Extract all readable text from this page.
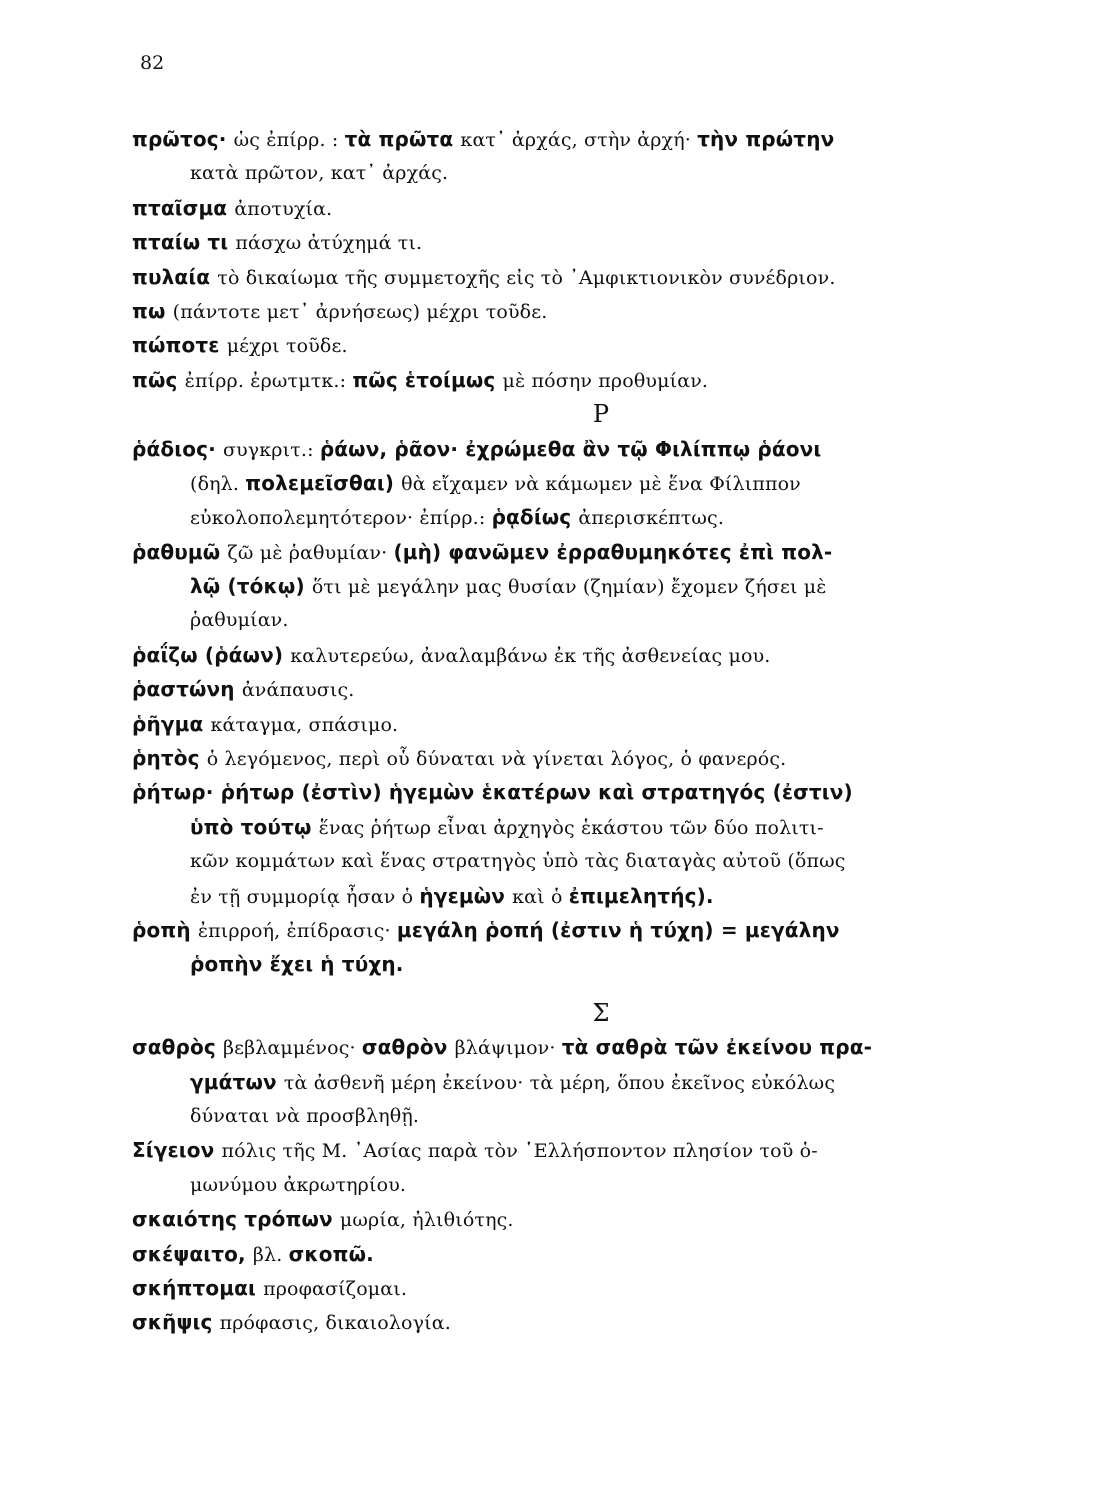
82
πρῶτος· ὡς ἐπίρρ. : τὰ πρῶτα κατ᾽ ἀρχάς, στὴν ἀρχή· τὴν πρώτην
κατὰ πρῶτον, κατ᾽ ἀρχάς.
πταῖσμα ἀποτυχία.
πταίω τι πάσχω ἀτύχημά τι.
πυλαία τὸ δικαίωμα τῆς συμμετοχῆς εἰς τὸ ᾽Αμφικτιονικὸν συνέδριον.
πω (πάντοτε μετ᾽ ἀρνήσεως) μέχρι τοῦδε.
πώποτε μέχρι τοῦδε.
πῶς ἐπίρρ. ἐρωτμτκ.: πῶς ἑτοίμως μὲ πόσην προθυμίαν.
Ρ
ῥάδιος· συγκριτ.: ῥάων, ῥᾶον· ἐχρώμεθα ἂν τῷ Φιλίππῳ ῥάονι
(δηλ. πολεμεῖσθαι) θὰ εἴχαμεν νὰ κάμωμεν μὲ ἕνα Φίλιππον
εὐκολοπολεμητότερον· ἐπίρρ.: ῥᾳδίως ἀπερισκέπτως.
ῥαθυμῶ ζῶ μὲ ῥαθυμίαν· (μὴ) φανῶμεν ἐρραθυμηκότες ἐπὶ πολ-
λῷ (τόκῳ) ὅτι μὲ μεγάλην μας θυσίαν (ζημίαν) ἔχομεν ζήσει μὲ
ῥαθυμίαν.
ῥαΐζω (ῥάων) καλυτερεύω, ἀναλαμβάνω ἐκ τῆς ἀσθενείας μου.
ῥαστώνη ἀνάπαυσις.
ῥῆγμα κάταγμα, σπάσιμο.
ῥητὸς ὁ λεγόμενος, περὶ οὗ δύναται νὰ γίνεται λόγος, ὁ φανερός.
ῥήτωρ· ῥήτωρ (ἐστὶν) ἡγεμὼν ἑκατέρων καὶ στρατηγός (ἐστιν)
ὑπὸ τούτῳ ἕνας ῥήτωρ εἶναι ἀρχηγὸς ἑκάστου τῶν δύο πολιτι-
κῶν κομμάτων καὶ ἕνας στρατηγὸς ὑπὸ τὰς διαταγὰς αὐτοῦ (ὅπως
ἐν τῇ συμμορίᾳ ἦσαν ὁ ἡγεμὼν καὶ ὁ ἐπιμελητής).
ῥοπὴ ἐπιρροή, ἐπίδρασις· μεγάλη ῥοπή (ἐστιν ἡ τύχη) = μεγάλην
ῥοπὴν ἔχει ἡ τύχη.
Σ
σαθρὸς βεβλαμμένος· σαθρὸν βλάψιμον· τὰ σαθρὰ τῶν ἐκείνου πρα-
γμάτων τὰ ἀσθενῆ μέρη ἐκείνου· τὰ μέρη, ὅπου ἐκεῖνος εὐκόλως
δύναται νὰ προσβληθῇ.
Σίγειον πόλις τῆς Μ. ᾽Ασίας παρὰ τὸν ῾Ελλήσποντον πλησίον τοῦ ὁ-
μωνύμου ἀκρωτηρίου.
σκαιότης τρόπων μωρία, ἠλιθιότης.
σκέψαιτο, βλ. σκοπῶ.
σκήπτομαι προφασίζομαι.
σκῆψις πρόφασις, δικαιολογία.
